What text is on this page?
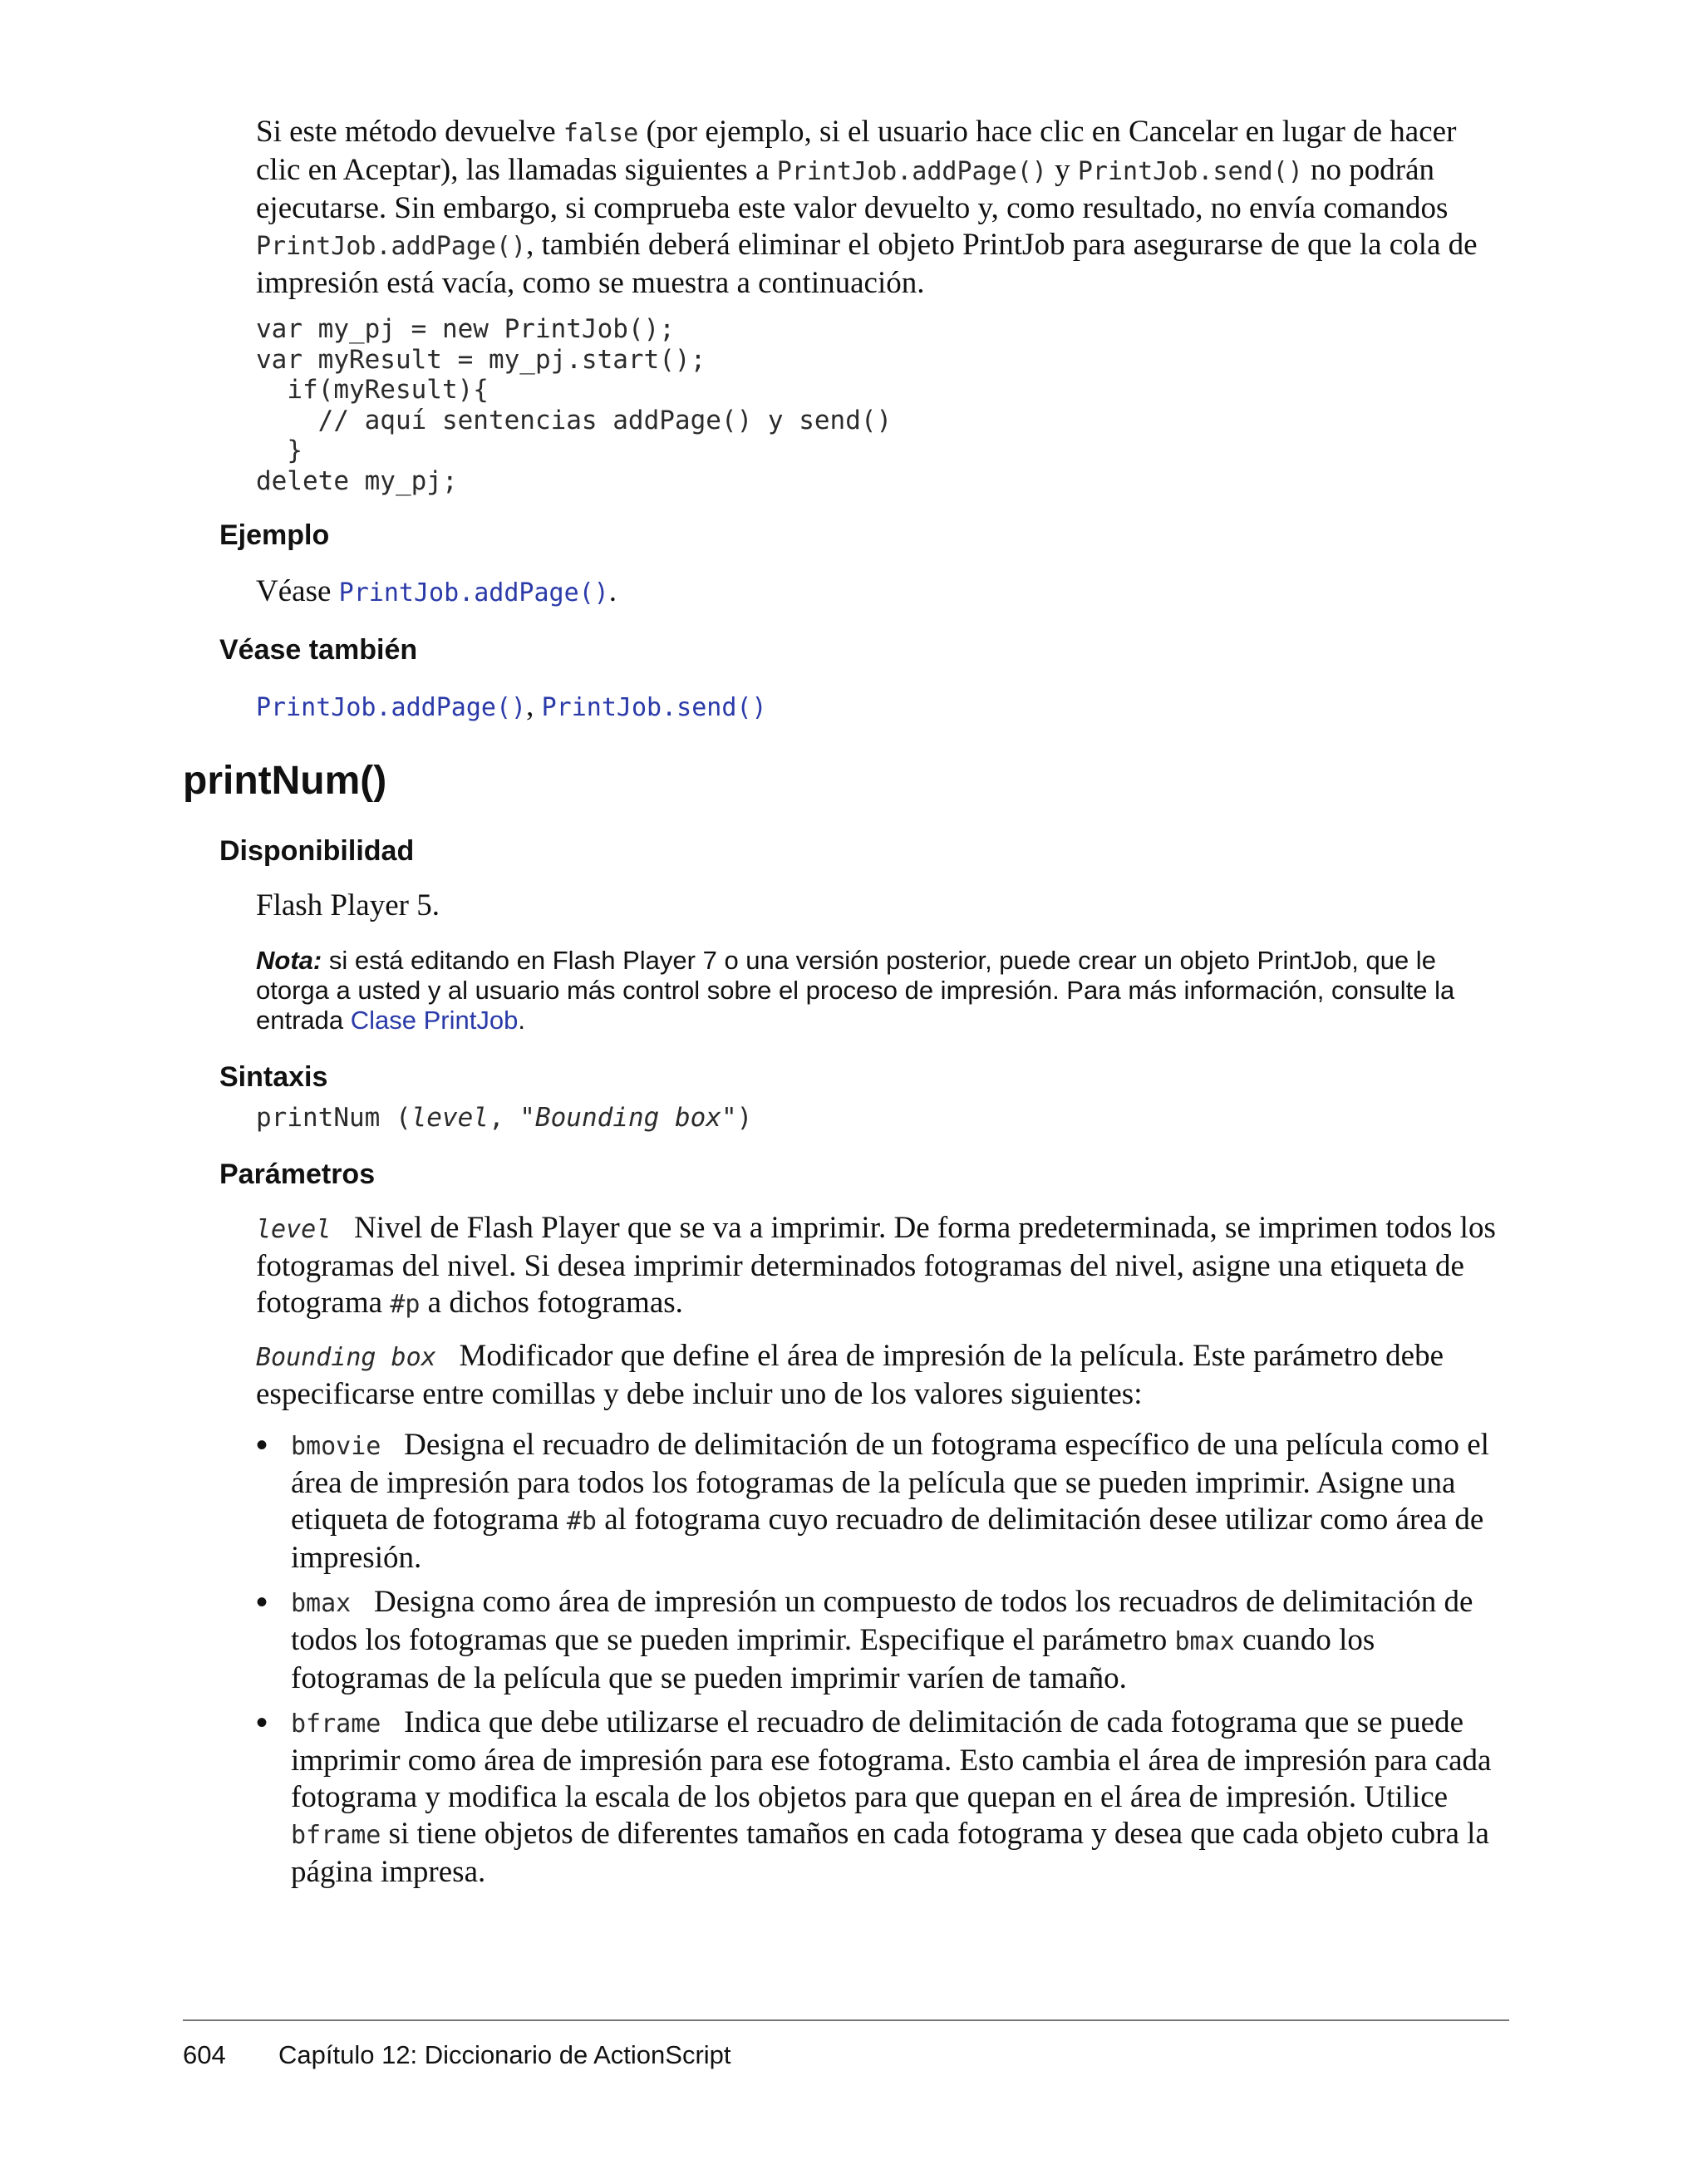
Si este método devuelve false (por ejemplo, si el usuario hace clic en Cancelar en lugar de hacer clic en Aceptar), las llamadas siguientes a PrintJob.addPage() y PrintJob.send() no podrán ejecutarse. Sin embargo, si comprueba este valor devuelto y, como resultado, no envía comandos PrintJob.addPage(), también deberá eliminar el objeto PrintJob para asegurarse de que la cola de impresión está vacía, como se muestra a continuación.
var my_pj = new PrintJob();
var myResult = my_pj.start();
if(myResult){
// aquí sentencias addPage() y send()
}
delete my_pj;
Ejemplo
Véase PrintJob.addPage().
Véase también
PrintJob.addPage(), PrintJob.send()
printNum()
Disponibilidad
Flash Player 5.
Nota: si está editando en Flash Player 7 o una versión posterior, puede crear un objeto PrintJob, que le otorga a usted y al usuario más control sobre el proceso de impresión. Para más información, consulte la entrada Clase PrintJob.
Sintaxis
printNum (level, "Bounding box")
Parámetros
level Nivel de Flash Player que se va a imprimir. De forma predeterminada, se imprimen todos los fotogramas del nivel. Si desea imprimir determinados fotogramas del nivel, asigne una etiqueta de fotograma #p a dichos fotogramas.
Bounding box Modificador que define el área de impresión de la película. Este parámetro debe especificarse entre comillas y debe incluir uno de los valores siguientes:
• bmovie Designa el recuadro de delimitación de un fotograma específico de una película como el área de impresión para todos los fotogramas de la película que se pueden imprimir. Asigne una etiqueta de fotograma #b al fotograma cuyo recuadro de delimitación desee utilizar como área de impresión.
• bmax Designa como área de impresión un compuesto de todos los recuadros de delimitación de todos los fotogramas que se pueden imprimir. Especifique el parámetro bmax cuando los fotogramas de la película que se pueden imprimir varíen de tamaño.
• bframe Indica que debe utilizarse el recuadro de delimitación de cada fotograma que se puede imprimir como área de impresión para ese fotograma. Esto cambia el área de impresión para cada fotograma y modifica la escala de los objetos para que quepan en el área de impresión. Utilice bframe si tiene objetos de diferentes tamaños en cada fotograma y desea que cada objeto cubra la página impresa.
604 Capítulo 12: Diccionario de ActionScript
